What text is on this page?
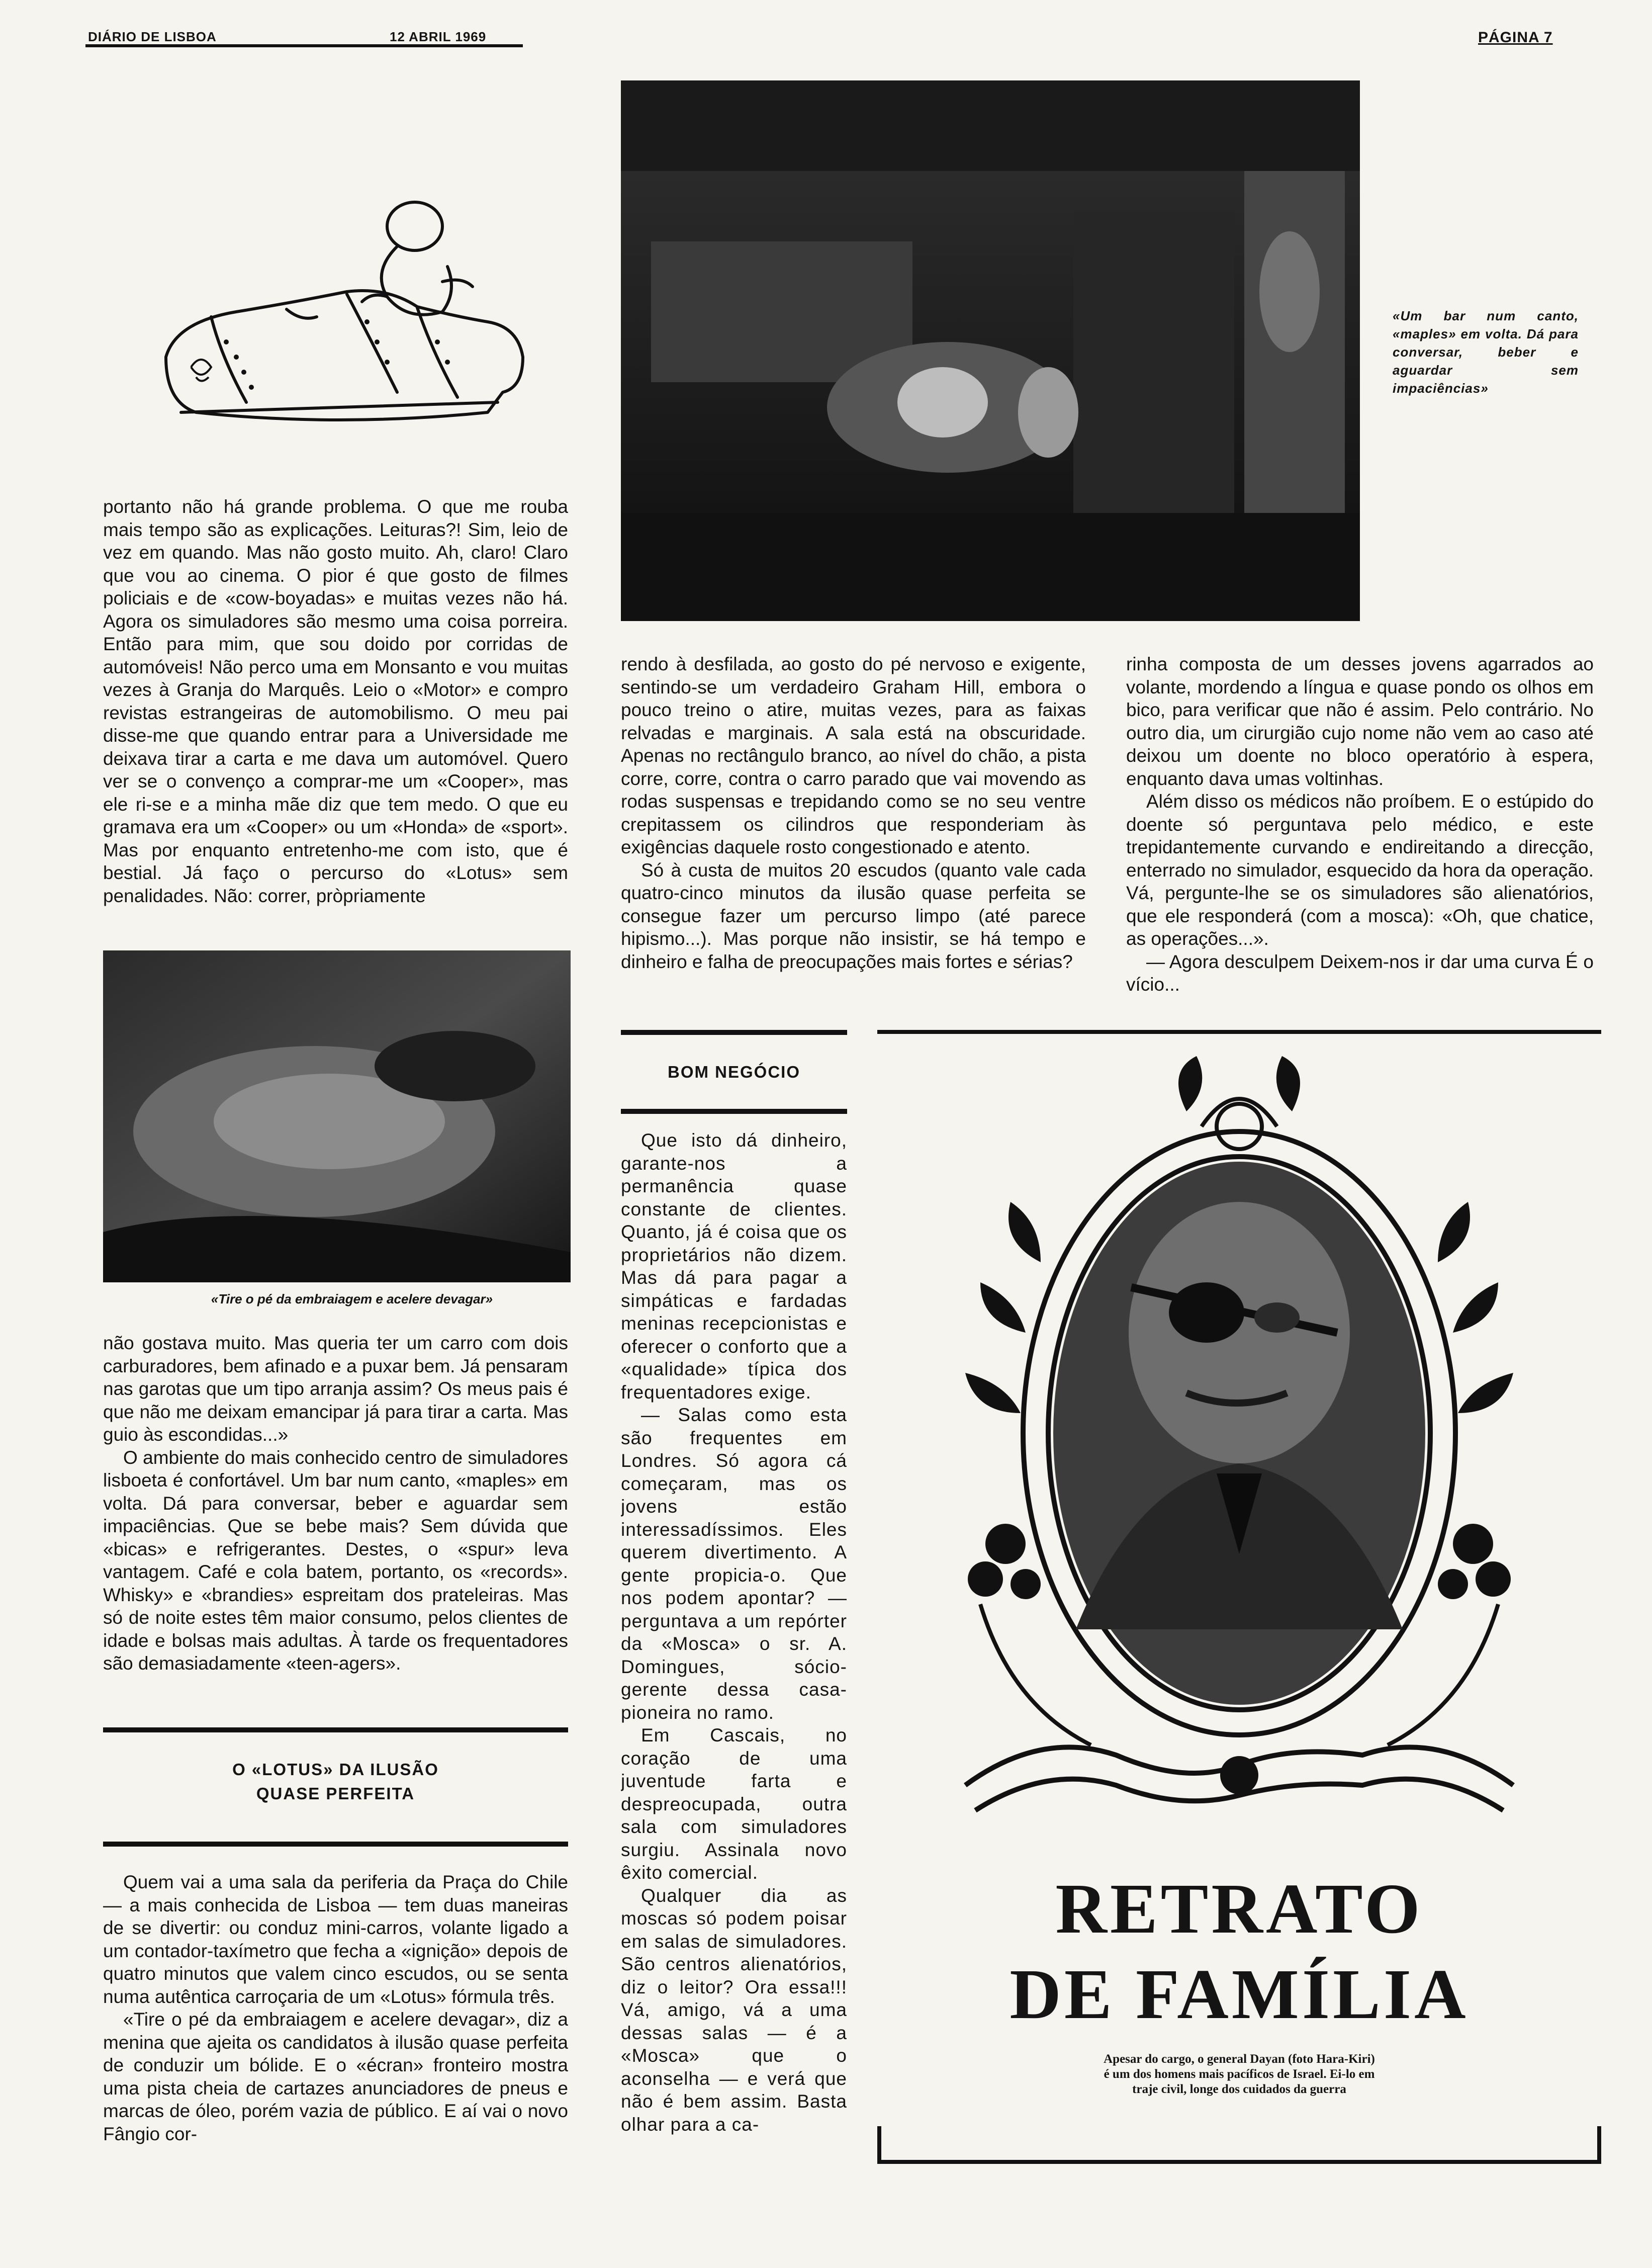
DIÁRIO DE LISBOA	12 ABRIL 1969	PÁGINA 7

portanto não há grande problema. O que me rouba mais tempo são as explicações. Leituras?! Sim, leio de vez em quando. Mas não gosto muito. Ah, claro! Claro que vou ao cinema. O pior é que gosto de filmes policiais e de «cow-boyadas» e muitas vezes não há. Agora os simuladores são mesmo uma coisa porreira. Então para mim, que sou doido por corridas de automóveis! Não perco uma em Monsanto e vou muitas vezes à Granja do Marquês. Leio o «Motor» e compro revistas estrangeiras de automobilismo. O meu pai disse-me que quando entrar para a Universidade me deixava tirar a carta e me dava um automóvel. Quero ver se o convenço a comprar-me um «Cooper», mas ele ri-se e a minha mãe diz que tem medo. O que eu gramava era um «Cooper» ou um «Honda» de «sport». Mas por enquanto entretenho-me com isto, que é bestial. Já faço o percurso do «Lotus» sem penalidades. Não: correr, pròpriamente

«Tire o pé da embraiagem e acelere devagar»

não gostava muito. Mas queria ter um carro com dois carburadores, bem afinado e a puxar bem. Já pensaram nas garotas que um tipo arranja assim? Os meus pais é que não me deixam emancipar já para tirar a carta. Mas guio às escondidas...»

O ambiente do mais conhecido centro de simuladores lisboeta é confortável. Um bar num canto, «maples» em volta. Dá para conversar, beber e aguardar sem impaciências. Que se bebe mais? Sem dúvida que «bicas» e refrigerantes. Destes, o «spur» leva vantagem. Café e cola batem, portanto, os «records». Whisky» e «brandies» espreitam dos prateleiras. Mas só de noite estes têm maior consumo, pelos clientes de idade e bolsas mais adultas. À tarde os frequentadores são demasiadamente «teen-agers».

O «LOTUS» DA ILUSÃO
QUASE PERFEITA

Quem vai a uma sala da periferia da Praça do Chile — a mais conhecida de Lisboa — tem duas maneiras de se divertir: ou conduz mini-carros, volante ligado a um contador-taxímetro que fecha a «ignição» depois de quatro minutos que valem cinco escudos, ou se senta numa autêntica carroçaria de um «Lotus» fórmula três.

«Tire o pé da embraiagem e acelere devagar», diz a menina que ajeita os candidatos à ilusão quase perfeita de conduzir um bólide. E o «écran» fronteiro mostra uma pista cheia de cartazes anunciadores de pneus e marcas de óleo, porém vazia de público. E aí vai o novo Fângio cor-

«Um bar num canto, «maples» em volta. Dá para conversar, beber e aguardar sem impaciências»

rendo à desfilada, ao gosto do pé nervoso e exigente, sentindo-se um verdadeiro Graham Hill, embora o pouco treino o atire, muitas vezes, para as faixas relvadas e marginais. A sala está na obscuridade. Apenas no rectângulo branco, ao nível do chão, a pista corre, corre, contra o carro parado que vai movendo as rodas suspensas e trepidando como se no seu ventre crepitassem os cilindros que responderiam às exigências daquele rosto congestionado e atento.

Só à custa de muitos 20 escudos (quanto vale cada quatro-cinco minutos da ilusão quase perfeita se consegue fazer um percurso limpo (até parece hipismo...). Mas porque não insistir, se há tempo e dinheiro e falha de preocupações mais fortes e sérias?

rinha composta de um desses jovens agarrados ao volante, mordendo a língua e quase pondo os olhos em bico, para verificar que não é assim. Pelo contrário. No outro dia, um cirurgião cujo nome não vem ao caso até deixou um doente no bloco operatório à espera, enquanto dava umas voltinhas.

Além disso os médicos não proíbem. E o estúpido do doente só perguntava pelo médico, e este trepidantemente curvando e endireitando a direcção, enterrado no simulador, esquecido da hora da operação. Vá, pergunte-lhe se os simuladores são alienatórios, que ele responderá (com a mosca): «Oh, que chatice, as operações...».

— Agora desculpem Deixem-nos ir dar uma curva É o vício...

BOM NEGÓCIO

Que isto dá dinheiro, garante-nos a permanência quase constante de clientes. Quanto, já é coisa que os proprietários não dizem. Mas dá para pagar a simpáticas e fardadas meninas recepcionistas e oferecer o conforto que a «qualidade» típica dos frequentadores exige.

— Salas como esta são frequentes em Londres. Só agora cá começaram, mas os jovens estão interessadíssimos. Eles querem divertimento. A gente propicia-o. Que nos podem apontar? — perguntava a um repórter da «Mosca» o sr. A. Domingues, sócio-gerente dessa casa-pioneira no ramo.

Em Cascais, no coração de uma juventude farta e despreocupada, outra sala com simuladores surgiu. Assinala novo êxito comercial.

Qualquer dia as moscas só podem poisar em salas de simuladores. São centros alienatórios, diz o leitor? Ora essa!!! Vá, amigo, vá a uma dessas salas — é a «Mosca» que o aconselha — e verá que não é bem assim. Basta olhar para a ca-

RETRATO
DE FAMÍLIA
Apesar do cargo, o general Dayan (foto Hara-Kiri)
é um dos homens mais pacíficos de Israel. Ei-lo em
traje civil, longe dos cuidados da guerra
